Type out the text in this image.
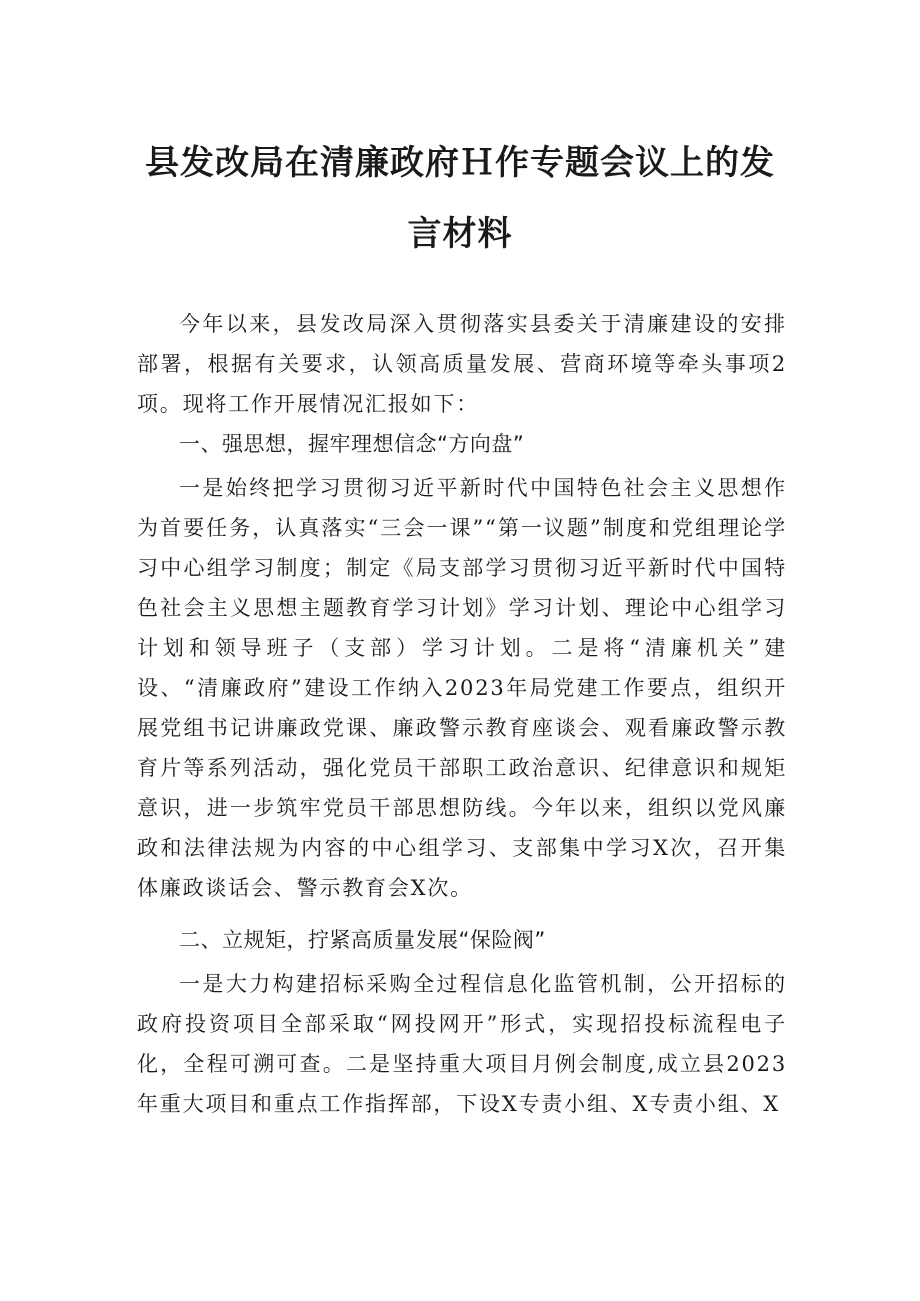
县发改局在清廉政府Ｈ作专题会议上的发
言材料

今年以来，县发改局深入贯彻落实县委关于清廉建设的安排部署，根据有关要求，认领高质量发展、营商环境等牵头事项2项。现将工作开展情况汇报如下：

一、强思想，握牢理想信念“方向盘”

一是始终把学习贯彻习近平新时代中国特色社会主义思想作为首要任务，认真落实“三会一课”“第一议题”制度和党组理论学习中心组学习制度；制定《局支部学习贯彻习近平新时代中国特色社会主义思想主题教育学习计划》学习计划、理论中心组学习计划和领导班子（支部）学习计划。二是将“清廉机关”建设、“清廉政府”建设工作纳入2023年局党建工作要点，组织开展党组书记讲廉政党课、廉政警示教育座谈会、观看廉政警示教育片等系列活动，强化党员干部职工政治意识、纪律意识和规矩意识，进一步筑牢党员干部思想防线。今年以来，组织以党风廉政和法律法规为内容的中心组学习、支部集中学习X次，召开集体廉政谈话会、警示教育会X次。

二、立规矩，拧紧高质量发展“保险阀”

一是大力构建招标采购全过程信息化监管机制，公开招标的政府投资项目全部采取“网投网开”形式，实现招投标流程电子化，全程可溯可查。二是坚持重大项目月例会制度,成立县2023年重大项目和重点工作指挥部，下设X专责小组、X专责小组、X
